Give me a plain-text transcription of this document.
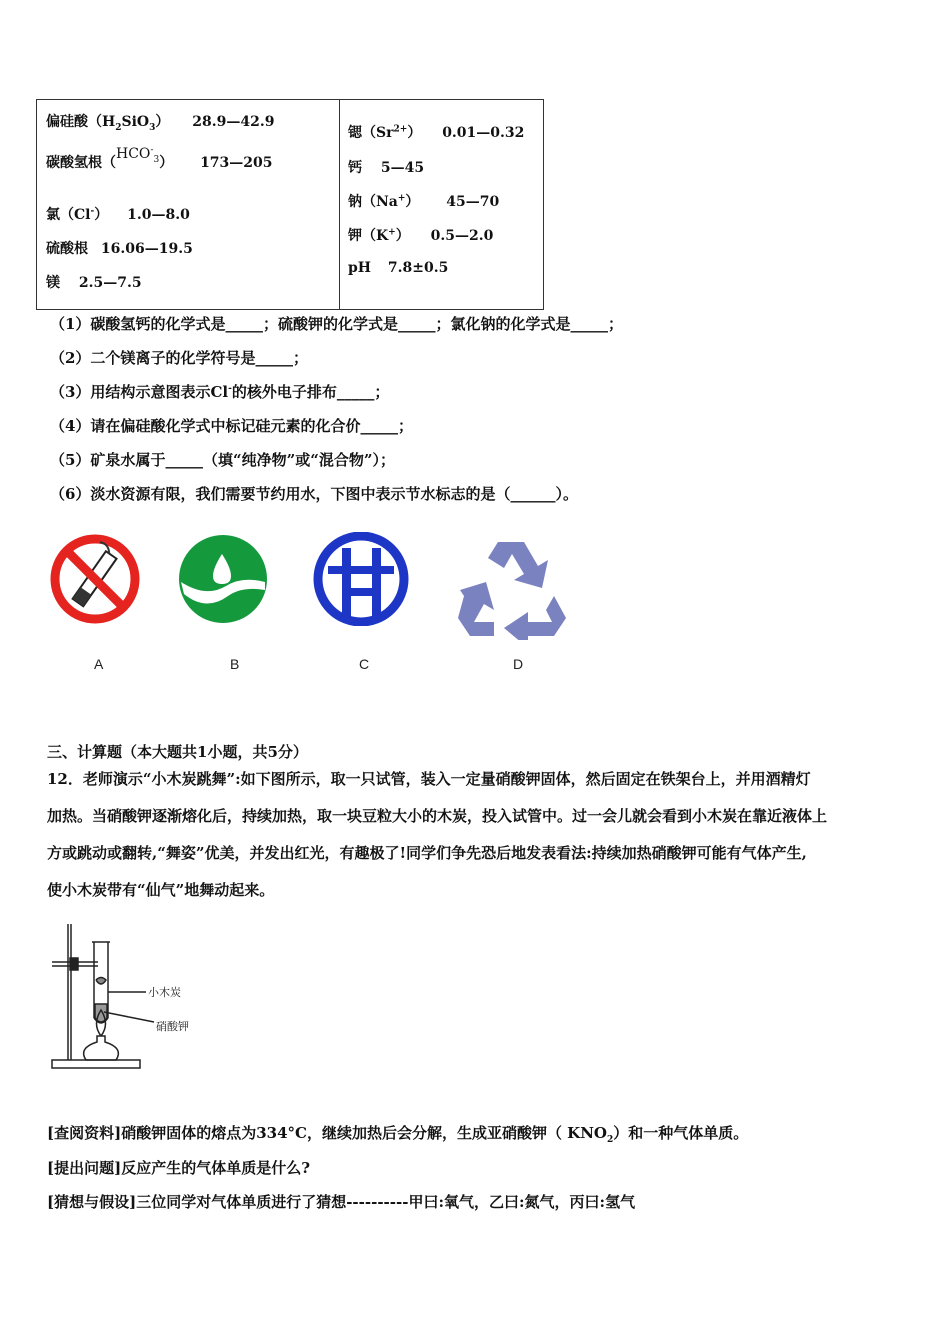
偏硅酸$(H_2SiO_3)$ 28.9—42.9
碳酸氢根$(HCO^-_3)$ 173—205
氯（Cl-） 1.0—8.0
硫酸根 16.06—19.5
镁 2.5—7.5
锶$(Sr^{2+})$ 0.01—0.32
钙 5—45
钠（Na+） 45—70
钾（K+） 0.5—2.0
pH 7.8±0.5
（1）碳酸氢钙的化学式是_____；硫酸钾的化学式是_____；氯化钠的化学式是_____；
（2）二个镁离子的化学符号是_____；
（3）用结构示意图表示Cl-的核外电子排布_____；
（4）请在偏硅酸化学式中标记硅元素的化合价_____；
（5）矿泉水属于_____（填“纯净物”或“混合物”）；
（6）淡水资源有限，我们需要节约用水，下图中表示节水标志的是（______）。
A	B	C	D
三、计算题（本大题共1小题，共5分）
12．老师演示“小木炭跳舞”:如下图所示，取一只试管，装入一定量硝酸钾固体，然后固定在铁架台上，并用酒精灯
加热。当硝酸钾逐渐熔化后，持续加热，取一块豆粒大小的木炭，投入试管中。过一会儿就会看到小木炭在靠近液体上
方或跳动或翻转,“舞姿”优美，并发出红光，有趣极了!同学们争先恐后地发表看法:持续加热硝酸钾可能有气体产生,
使小木炭带有“仙气”地舞动起来。
小木炭
硝酸钾
[查阅资料]硝酸钾固体的熔点为334°C，继续加热后会分解，生成亚硝酸钾（ $KNO_2$）和一种气体单质。
[提出问题]反应产生的气体单质是什么?
[猜想与假设]三位同学对气体单质进行了猜想----------甲曰:氧气，乙曰:氮气，丙曰:氢气
